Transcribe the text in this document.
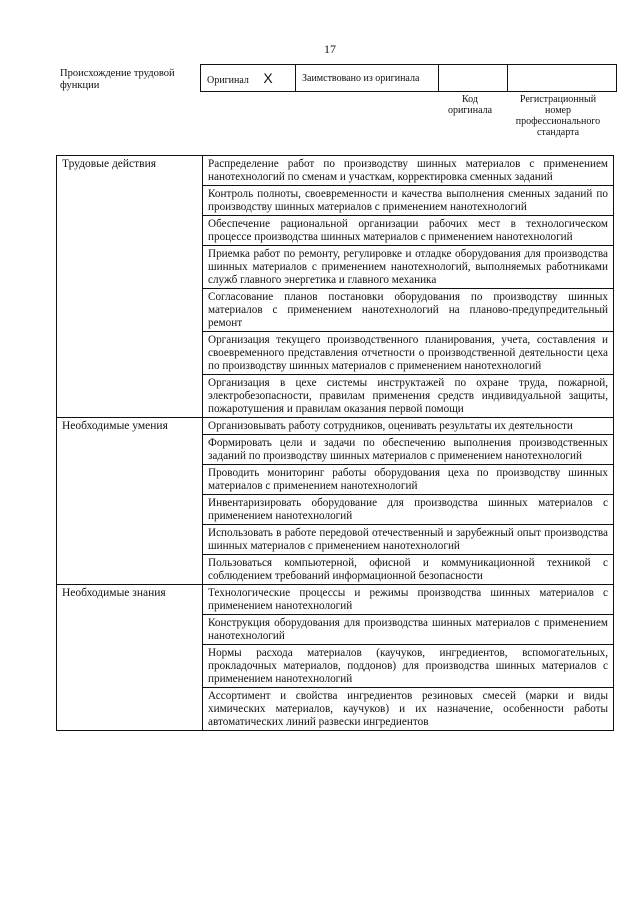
17
Происхождение трудовой функции	Оригинал X	Заимствовано из оригинала		
Код оригинала
Регистрационный номер профессионального стандарта
Трудовые действия	Распределение работ по производству шинных материалов с применением нанотехнологий по сменам и участкам, корректировка сменных заданий
	Контроль полноты, своевременности и качества выполнения сменных заданий по производству шинных материалов с применением нанотехнологий
	Обеспечение рациональной организации рабочих мест в технологическом процессе производства шинных материалов с применением нанотехнологий
	Приемка работ по ремонту, регулировке и отладке оборудования для производства шинных материалов с применением нанотехнологий, выполняемых работниками служб главного энергетика и главного механика
	Согласование планов постановки оборудования по производству шинных материалов с применением нанотехнологий на планово-предупредительный ремонт
	Организация текущего производственного планирования, учета, составления и своевременного представления отчетности о производственной деятельности цеха по производству шинных материалов с применением нанотехнологий
	Организация в цехе системы инструктажей по охране труда, пожарной, электробезопасности, правилам применения средств индивидуальной защиты, пожаротушения и правилам оказания первой помощи
Необходимые умения	Организовывать работу сотрудников, оценивать результаты их деятельности
	Формировать цели и задачи по обеспечению выполнения производственных заданий по производству шинных материалов с применением нанотехнологий
	Проводить мониторинг работы оборудования цеха по производству шинных материалов с применением нанотехнологий
	Инвентаризировать оборудование для производства шинных материалов с применением нанотехнологий
	Использовать в работе передовой отечественный и зарубежный опыт производства шинных материалов с применением нанотехнологий
	Пользоваться компьютерной, офисной и коммуникационной техникой с соблюдением требований информационной безопасности
Необходимые знания	Технологические процессы и режимы производства шинных материалов с применением нанотехнологий
	Конструкция оборудования для производства шинных материалов с применением нанотехнологий
	Нормы расхода материалов (каучуков, ингредиентов, вспомогательных, прокладочных материалов, поддонов) для производства шинных материалов с применением нанотехнологий
	Ассортимент и свойства ингредиентов резиновых смесей (марки и виды химических материалов, каучуков) и их назначение, особенности работы автоматических линий развески ингредиентов
